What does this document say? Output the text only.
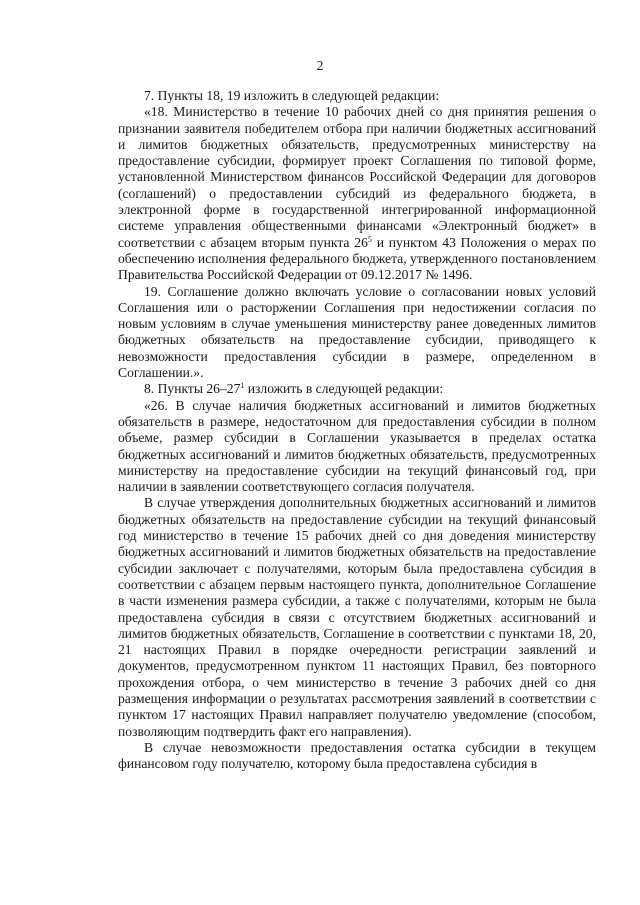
2

7. Пункты 18, 19 изложить в следующей редакции:

«18. Министерство в течение 10 рабочих дней со дня принятия решения о признании заявителя победителем отбора при наличии бюджетных ассигнований и лимитов бюджетных обязательств, предусмотренных министерству на предоставление субсидии, формирует проект Соглашения по типовой форме, установленной Министерством финансов Российской Федерации для договоров (соглашений) о предоставлении субсидий из федерального бюджета, в электронной форме в государственной интегрированной информационной системе управления общественными финансами «Электронный бюджет» в соответствии с абзацем вторым пункта $26^5$ и пунктом 43 Положения о мерах по обеспечению исполнения федерального бюджета, утвержденного постановлением Правительства Российской Федерации от 09.12.2017 № 1496.

19. Соглашение должно включать условие о согласовании новых условий Соглашения или о расторжении Соглашения при недостижении согласия по новым условиям в случае уменьшения министерству ранее доведенных лимитов бюджетных обязательств на предоставление субсидии, приводящего к невозможности предоставления субсидии в размере, определенном в Соглашении.».

8. Пункты $26-27^1$ изложить в следующей редакции:

«26. В случае наличия бюджетных ассигнований и лимитов бюджетных обязательств в размере, недостаточном для предоставления субсидии в полном объеме, размер субсидии в Соглашении указывается в пределах остатка бюджетных ассигнований и лимитов бюджетных обязательств, предусмотренных министерству на предоставление субсидии на текущий финансовый год, при наличии в заявлении соответствующего согласия получателя.

В случае утверждения дополнительных бюджетных ассигнований и лимитов бюджетных обязательств на предоставление субсидии на текущий финансовый год министерство в течение 15 рабочих дней со дня доведения министерству бюджетных ассигнований и лимитов бюджетных обязательств на предоставление субсидии заключает с получателями, которым была предоставлена субсидия в соответствии с абзацем первым настоящего пункта, дополнительное Соглашение в части изменения размера субсидии, а также с получателями, которым не была предоставлена субсидия в связи с отсутствием бюджетных ассигнований и лимитов бюджетных обязательств, Соглашение в соответствии с пунктами 18, 20, 21 настоящих Правил в порядке очередности регистрации заявлений и документов, предусмотренном пунктом 11 настоящих Правил, без повторного прохождения отбора, о чем министерство в течение 3 рабочих дней со дня размещения информации о результатах рассмотрения заявлений в соответствии с пунктом 17 настоящих Правил направляет получателю уведомление (способом, позволяющим подтвердить факт его направления).

В случае невозможности предоставления остатка субсидии в текущем финансовом году получателю, которому была предоставлена субсидия в
